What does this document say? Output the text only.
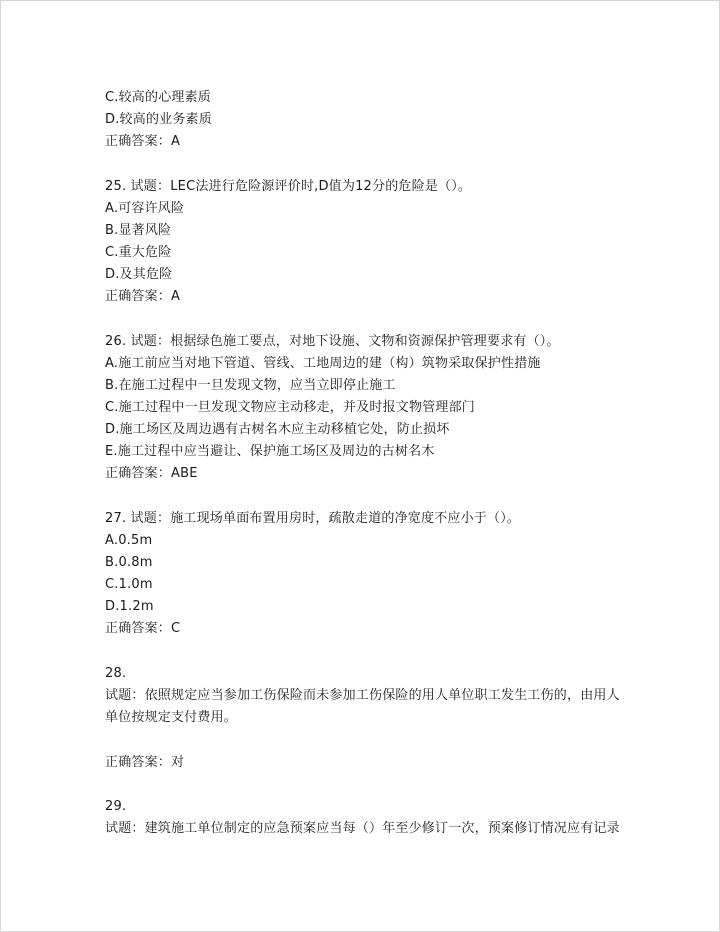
C.较高的心理素质
D.较高的业务素质
正确答案：A
25. 试题：LEC法进行危险源评价时,D值为12分的危险是（）。
A.可容许风险
B.显著风险
C.重大危险
D.及其危险
正确答案：A
26. 试题：根据绿色施工要点，对地下设施、文物和资源保护管理要求有（）。
A.施工前应当对地下管道、管线、工地周边的建（构）筑物采取保护性措施
B.在施工过程中一旦发现文物，应当立即停止施工
C.施工过程中一旦发现文物应主动移走，并及时报文物管理部门
D.施工场区及周边遇有古树名木应主动移植它处，防止损坏
E.施工过程中应当避让、保护施工场区及周边的古树名木
正确答案：ABE
27. 试题：施工现场单面布置用房时，疏散走道的净宽度不应小于（）。
A.0.5m
B.0.8m
C.1.0m
D.1.2m
正确答案：C
28.
试题：依照规定应当参加工伤保险而未参加工伤保险的用人单位职工发生工伤的，由用人
单位按规定支付费用。
正确答案：对
29.
试题：建筑施工单位制定的应急预案应当每（）年至少修订一次，预案修订情况应有记录
